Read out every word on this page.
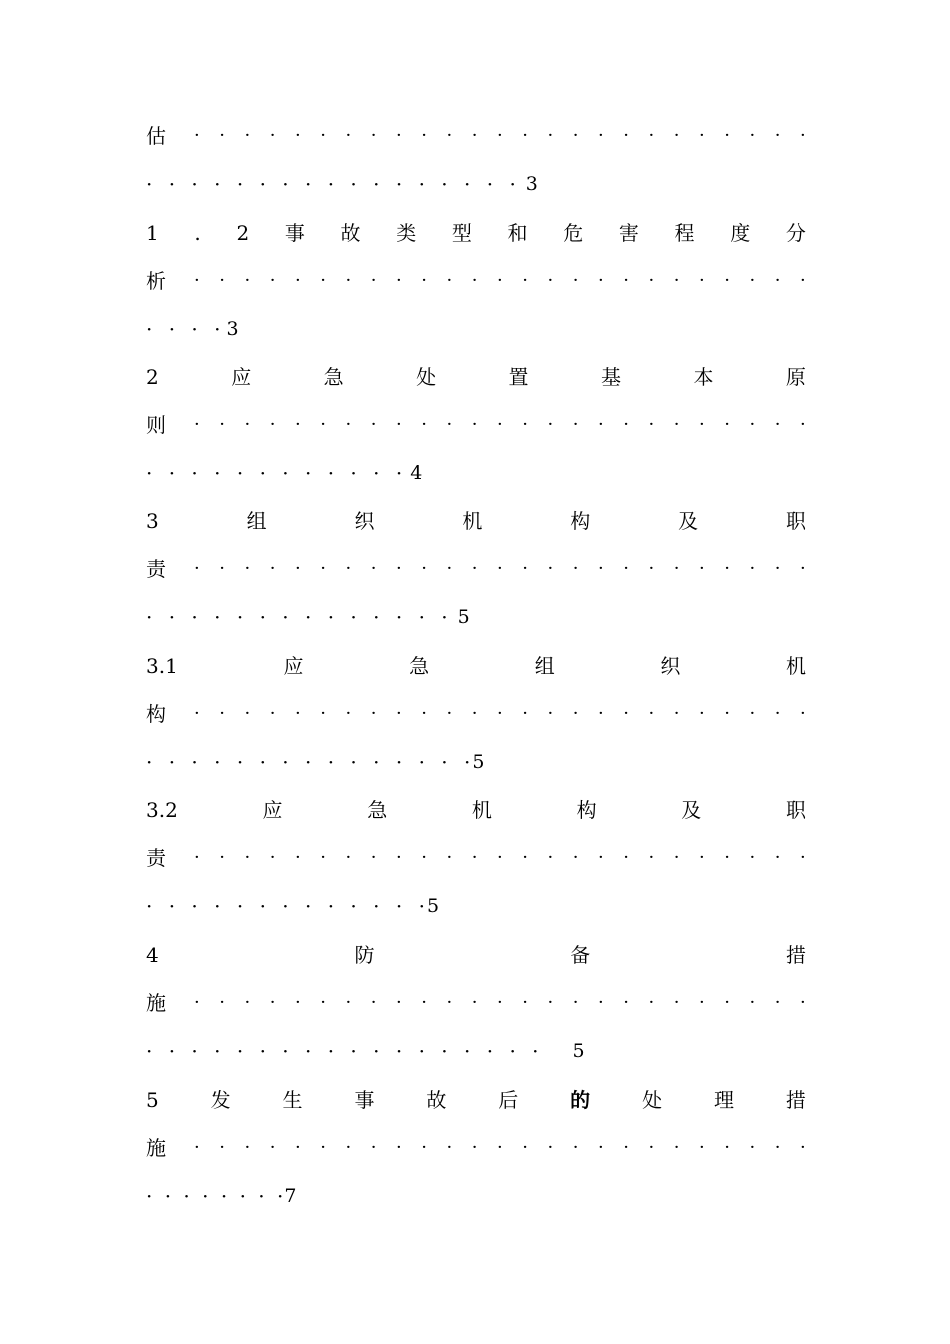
估 · · · · · · · · · · · · · · · · · · · · · · · · ·
· · · · · · · · · · · · · · · · · 3
1 . 2 事 故 类 型 和 危 害 程 度 分
析 · · · · · · · · · · · · · · · · · · · · · · · · ·
· · · · 3
2	应	急	处	置	基	本	原
则 · · · · · · · · · · · · · · · · · · · · · · · · ·
· · · · · · · · · · · · 4
3	组	织	机	构	及	职
责 · · · · · · · · · · · · · · · · · · · · · · · · ·
· · · · · · · · · · · · · · 5
3.1	应	急	组	织	机
构 · · · · · · · · · · · · · · · · · · · · · · · · ·
· · · · · · · · · · · · · · · 5
3.2	应	急	机	构	及	职
责 · · · · · · · · · · · · · · · · · · · · · · · · ·
· · · · · · · · · · · · · 5
4	防	备	措
施 · · · · · · · · · · · · · · · · · · · · · · · · ·
· · · · · · · · · · · · · · · · · · 5
5	发	生	事	故	后	的	处	理	措
施 · · · · · · · · · · · · · · · · · · · · · · · · ·
· · · · · · · · 7
